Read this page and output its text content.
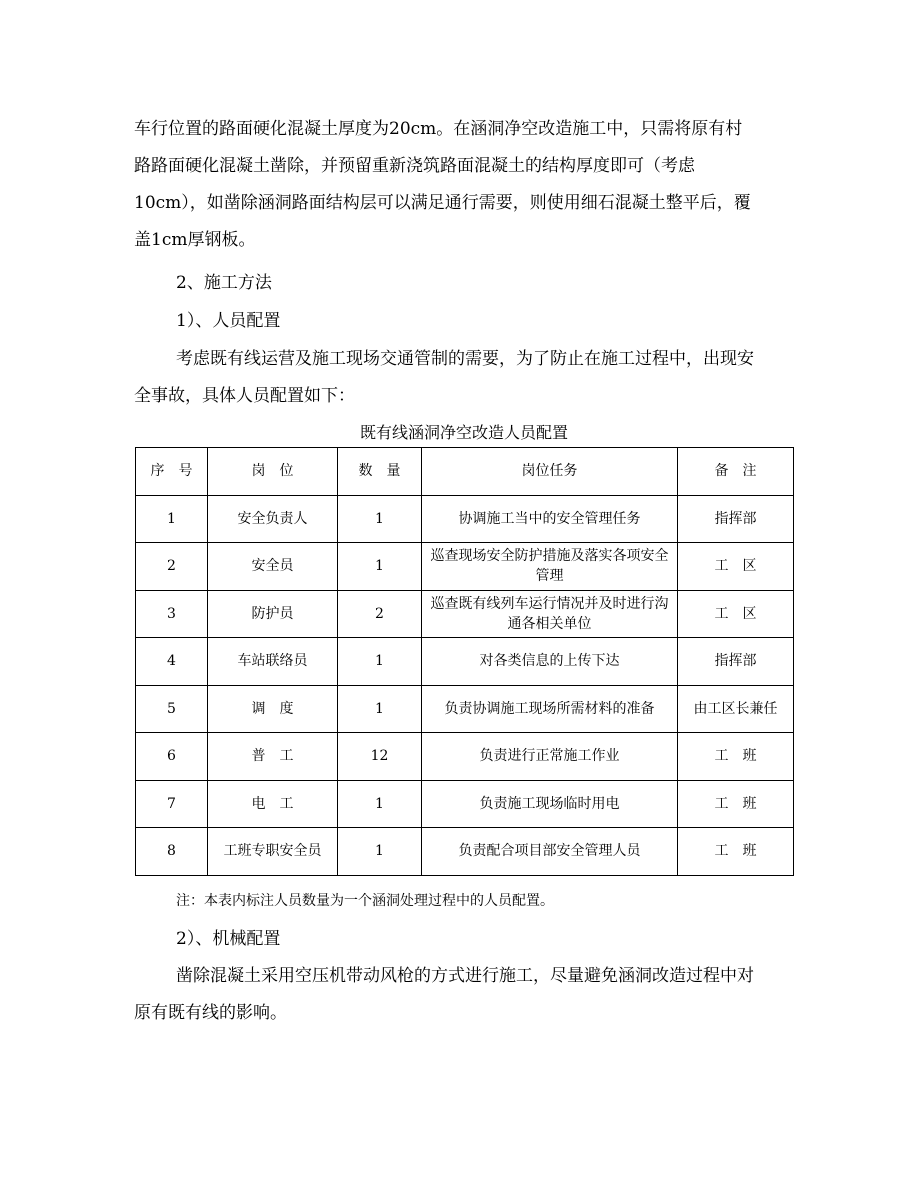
车行位置的路面硬化混凝土厚度为20cm。在涵洞净空改造施工中，只需将原有村
路路面硬化混凝土凿除，并预留重新浇筑路面混凝土的结构厚度即可（考虑
10cm），如凿除涵洞路面结构层可以满足通行需要，则使用细石混凝土整平后，覆
盖1cm厚钢板。

2、施工方法

1）、人员配置

考虑既有线运营及施工现场交通管制的需要，为了防止在施工过程中，出现安
全事故，具体人员配置如下：

既有线涵洞净空改造人员配置

序　号	岗　位	数　量	岗位任务	备　注
1	安全负责人	1	协调施工当中的安全管理任务	指挥部
2	安全员	1	巡查现场安全防护措施及落实各项安全管理	工　区
3	防护员	2	巡查既有线列车运行情况并及时进行沟通各相关单位	工　区
4	车站联络员	1	对各类信息的上传下达	指挥部
5	调　度	1	负责协调施工现场所需材料的准备	由工区长兼任
6	普　工	12	负责进行正常施工作业	工　班
7	电　工	1	负责施工现场临时用电	工　班
8	工班专职安全员	1	负责配合项目部安全管理人员	工　班

注：本表内标注人员数量为一个涵洞处理过程中的人员配置。

2）、机械配置

凿除混凝土采用空压机带动风枪的方式进行施工，尽量避免涵洞改造过程中对
原有既有线的影响。
